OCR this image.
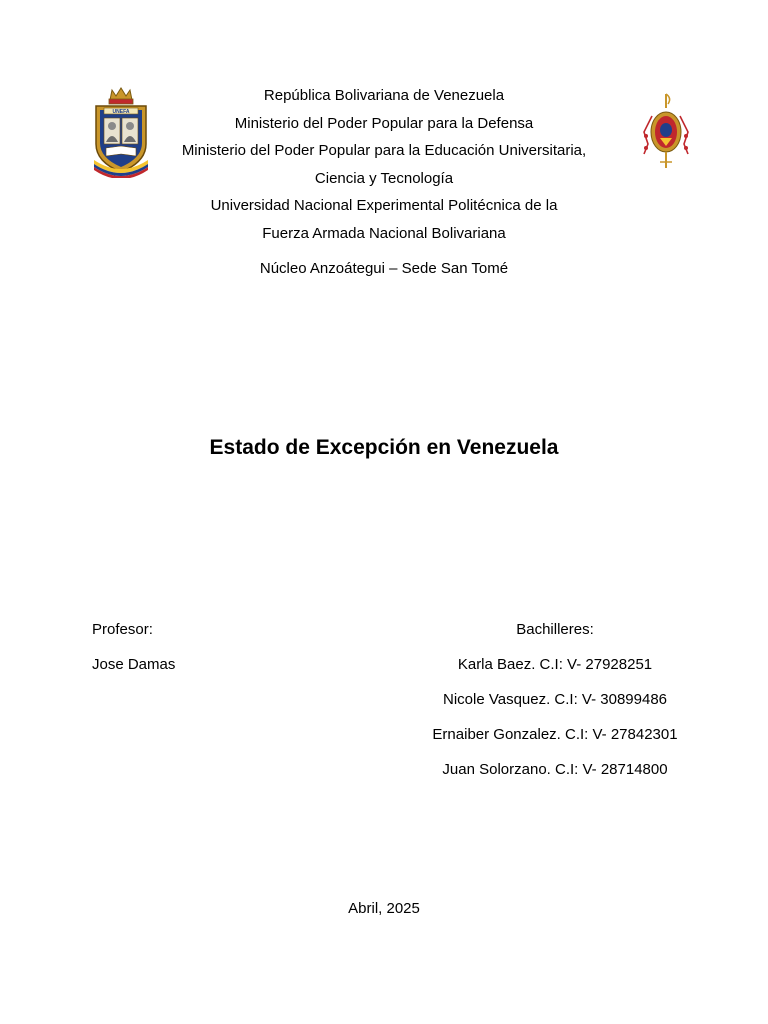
UNEFA
República Bolivariana de Venezuela
Ministerio del Poder Popular para la Defensa
Ministerio del Poder Popular para la Educación Universitaria,
Ciencia y Tecnología
Universidad Nacional Experimental Politécnica de la
Fuerza Armada Nacional Bolivariana
Núcleo Anzoátegui – Sede San Tomé
Estado de Excepción en Venezuela
Profesor:
Jose Damas
Bachilleres:
Karla Baez. C.I: V- 27928251
Nicole Vasquez. C.I: V- 30899486
Ernaiber Gonzalez. C.I: V- 27842301
Juan Solorzano. C.I: V- 28714800
Abril, 2025
